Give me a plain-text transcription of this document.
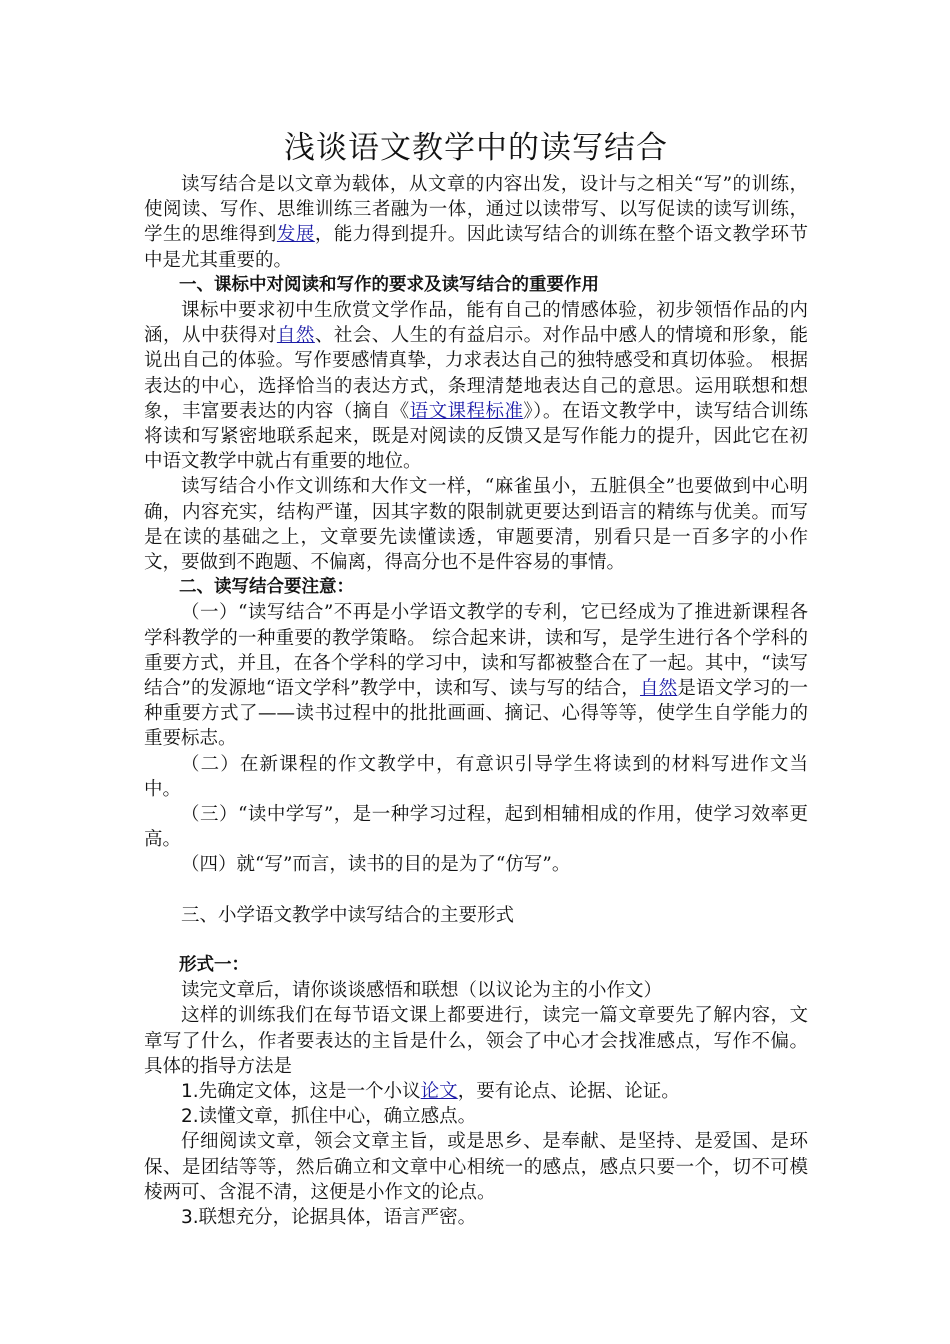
浅谈语文教学中的读写结合

读写结合是以文章为载体，从文章的内容出发，设计与之相关“写”的训练，使阅读、写作、思维训练三者融为一体，通过以读带写、以写促读的读写训练，学生的思维得到发展，能力得到提升。因此读写结合的训练在整个语文教学环节中是尤其重要的。

一、课标中对阅读和写作的要求及读写结合的重要作用

课标中要求初中生欣赏文学作品，能有自己的情感体验，初步领悟作品的内涵，从中获得对自然、社会、人生的有益启示。对作品中感人的情境和形象，能说出自己的体验。写作要感情真挚，力求表达自己的独特感受和真切体验。 根据表达的中心，选择恰当的表达方式，条理清楚地表达自己的意思。运用联想和想象，丰富要表达的内容（摘自《语文课程标准》）。在语文教学中，读写结合训练将读和写紧密地联系起来，既是对阅读的反馈又是写作能力的提升，因此它在初中语文教学中就占有重要的地位。

读写结合小作文训练和大作文一样，“麻雀虽小，五脏俱全”也要做到中心明确，内容充实，结构严谨，因其字数的限制就更要达到语言的精练与优美。而写是在读的基础之上，文章要先读懂读透，审题要清，别看只是一百多字的小作文，要做到不跑题、不偏离，得高分也不是件容易的事情。

二、读写结合要注意：

（一）“读写结合”不再是小学语文教学的专利，它已经成为了推进新课程各学科教学的一种重要的教学策略。 综合起来讲，读和写，是学生进行各个学科的重要方式，并且，在各个学科的学习中，读和写都被整合在了一起。其中，“读写结合”的发源地“语文学科”教学中，读和写、读与写的结合，自然是语文学习的一种重要方式了——读书过程中的批批画画、摘记、心得等等，使学生自学能力的重要标志。

（二）在新课程的作文教学中，有意识引导学生将读到的材料写进作文当中。

（三）“读中学写”，是一种学习过程，起到相辅相成的作用，使学习效率更高。

（四）就“写”而言，读书的目的是为了“仿写”。

三、小学语文教学中读写结合的主要形式

形式一：

读完文章后，请你谈谈感悟和联想（以议论为主的小作文）

这样的训练我们在每节语文课上都要进行，读完一篇文章要先了解内容，文章写了什么，作者要表达的主旨是什么，领会了中心才会找准感点，写作不偏。 具体的指导方法是

1.先确定文体，这是一个小议论文，要有论点、论据、论证。

2.读懂文章，抓住中心，确立感点。

仔细阅读文章，领会文章主旨，或是思乡、是奉献、是坚持、是爱国、是环保、是团结等等，然后确立和文章中心相统一的感点，感点只要一个，切不可模棱两可、含混不清，这便是小作文的论点。

3.联想充分，论据具体，语言严密。
